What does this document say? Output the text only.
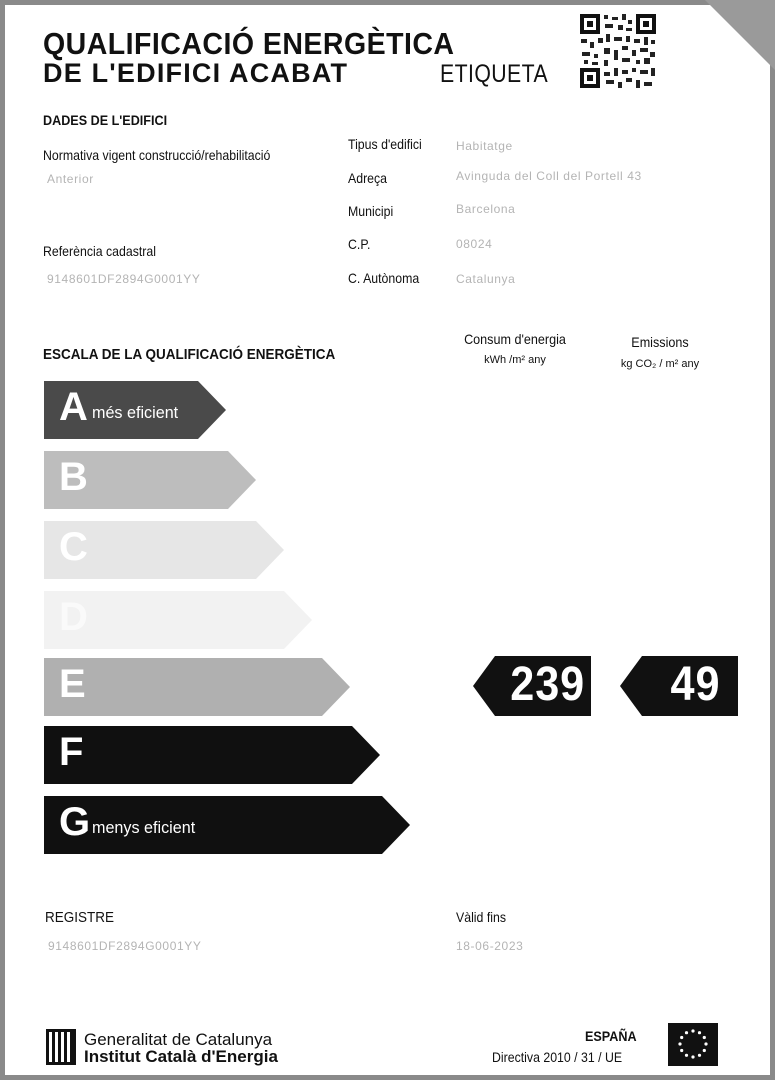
QUALIFICACIÓ ENERGÈTICA
DE L'EDIFICI ACABAT	ETIQUETA
DADES DE L'EDIFICI
Normativa vigent construcció/rehabilitació
Anterior
Referència cadastral
9148601DF2894G0001YY
Tipus d'edifici	Habitatge
Adreça	Avinguda del Coll del Portell 43
Municipi	Barcelona
C.P.	08024
C. Autònoma	Catalunya
ESCALA DE LA QUALIFICACIÓ ENERGÈTICA
Consum d'energia
kWh /m² any
Emissions
kg CO₂ / m² any
A més eficient
B
C
D
E
F
G menys eficient
239 49
REGISTRE
9148601DF2894G0001YY
Vàlid fins
18-06-2023
Generalitat de Catalunya
Institut Català d'Energia
ESPAÑA
Directiva 2010 / 31 / UE
